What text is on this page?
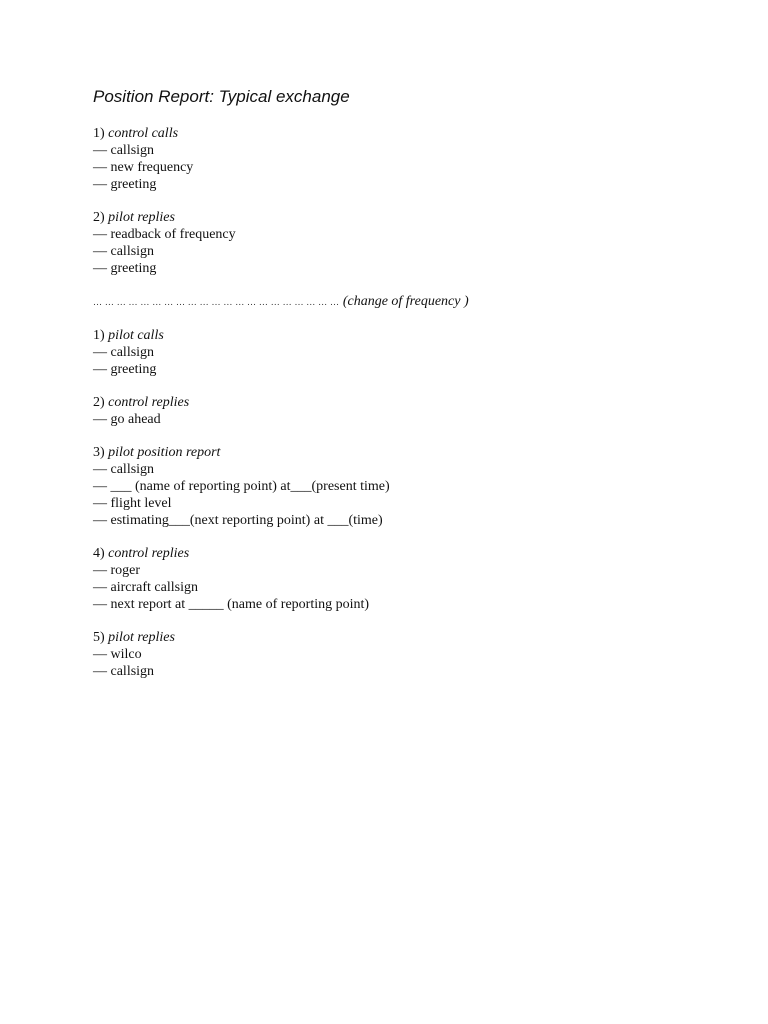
Position Report: Typical exchange
1) control calls
— callsign
— new frequency
— greeting
2) pilot replies
— readback of frequency
— callsign
— greeting
… … … … … … … … … … … … … … … … … … … … … (change of frequency )
1) pilot calls
— callsign
— greeting
2) control replies
— go ahead
3) pilot position report
— callsign
— ___ (name of reporting point) at___(present time)
— flight level
— estimating___(next reporting point) at ___(time)
4) control replies
— roger
— aircraft callsign
— next report at _____ (name of reporting point)
5) pilot replies
— wilco
— callsign
